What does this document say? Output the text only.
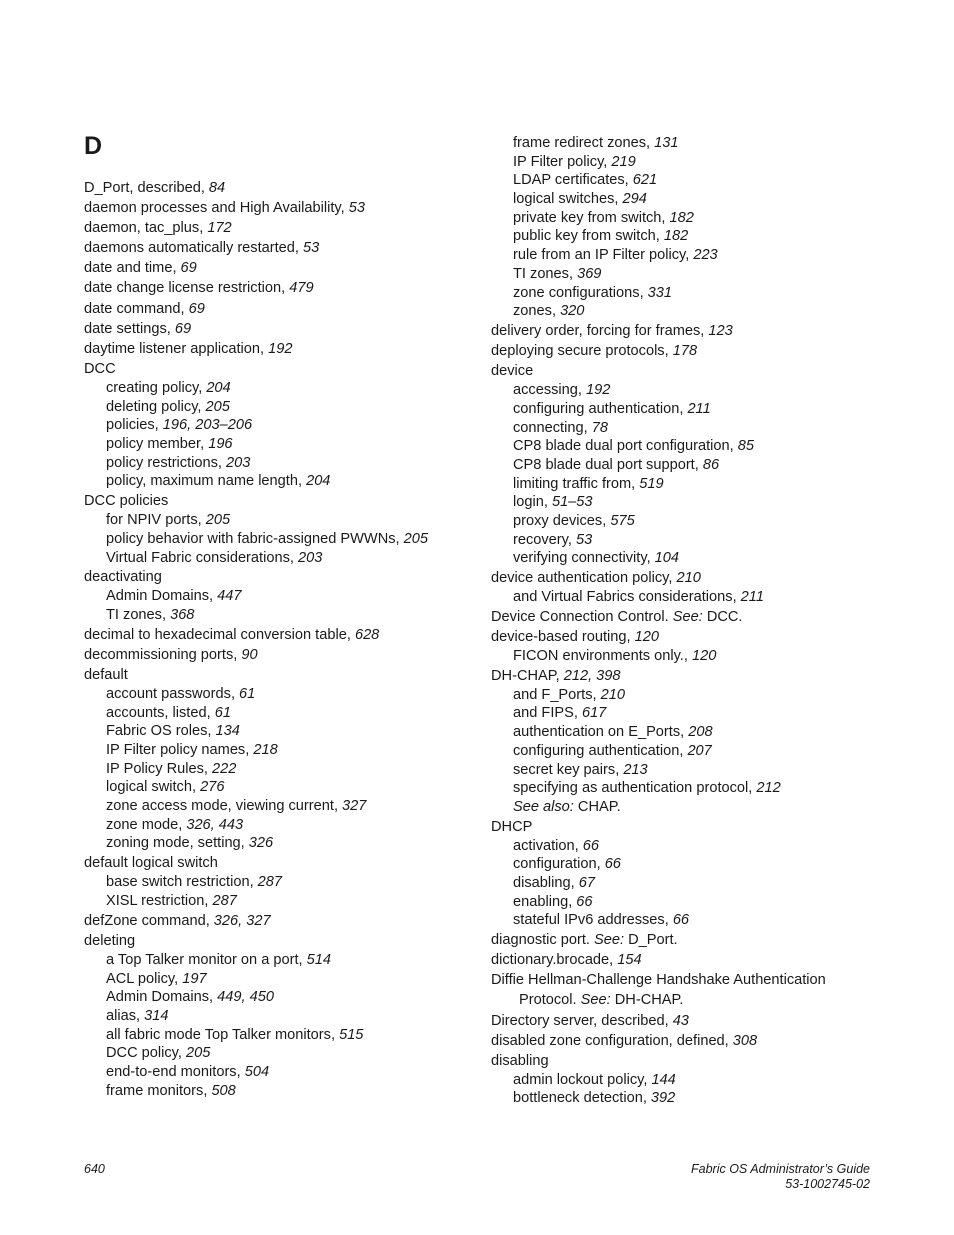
D
D_Port, described, 84
daemon processes and High Availability, 53
daemon, tac_plus, 172
daemons automatically restarted, 53
date and time, 69
date change license restriction, 479
date command, 69
date settings, 69
daytime listener application, 192
DCC
creating policy, 204
deleting policy, 205
policies, 196, 203–206
policy member, 196
policy restrictions, 203
policy, maximum name length, 204
DCC policies
for NPIV ports, 205
policy behavior with fabric-assigned PWWNs, 205
Virtual Fabric considerations, 203
deactivating
Admin Domains, 447
TI zones, 368
decimal to hexadecimal conversion table, 628
decommissioning ports, 90
default
account passwords, 61
accounts, listed, 61
Fabric OS roles, 134
IP Filter policy names, 218
IP Policy Rules, 222
logical switch, 276
zone access mode, viewing current, 327
zone mode, 326, 443
zoning mode, setting, 326
default logical switch
base switch restriction, 287
XISL restriction, 287
defZone command, 326, 327
deleting
a Top Talker monitor on a port, 514
ACL policy, 197
Admin Domains, 449, 450
alias, 314
all fabric mode Top Talker monitors, 515
DCC policy, 205
end-to-end monitors, 504
frame monitors, 508
frame redirect zones, 131
IP Filter policy, 219
LDAP certificates, 621
logical switches, 294
private key from switch, 182
public key from switch, 182
rule from an IP Filter policy, 223
TI zones, 369
zone configurations, 331
zones, 320
delivery order, forcing for frames, 123
deploying secure protocols, 178
device
accessing, 192
configuring authentication, 211
connecting, 78
CP8 blade dual port configuration, 85
CP8 blade dual port support, 86
limiting traffic from, 519
login, 51–53
proxy devices, 575
recovery, 53
verifying connectivity, 104
device authentication policy, 210
and Virtual Fabrics considerations, 211
Device Connection Control. See: DCC.
device-based routing, 120
FICON environments only., 120
DH-CHAP, 212, 398
and F_Ports, 210
and FIPS, 617
authentication on E_Ports, 208
configuring authentication, 207
secret key pairs, 213
specifying as authentication protocol, 212
See also: CHAP.
DHCP
activation, 66
configuration, 66
disabling, 67
enabling, 66
stateful IPv6 addresses, 66
diagnostic port. See: D_Port.
dictionary.brocade, 154
Diffie Hellman-Challenge Handshake Authentication
Protocol. See: DH-CHAP.
Directory server, described, 43
disabled zone configuration, defined, 308
disabling
admin lockout policy, 144
bottleneck detection, 392
640	Fabric OS Administrator’s Guide
53-1002745-02
